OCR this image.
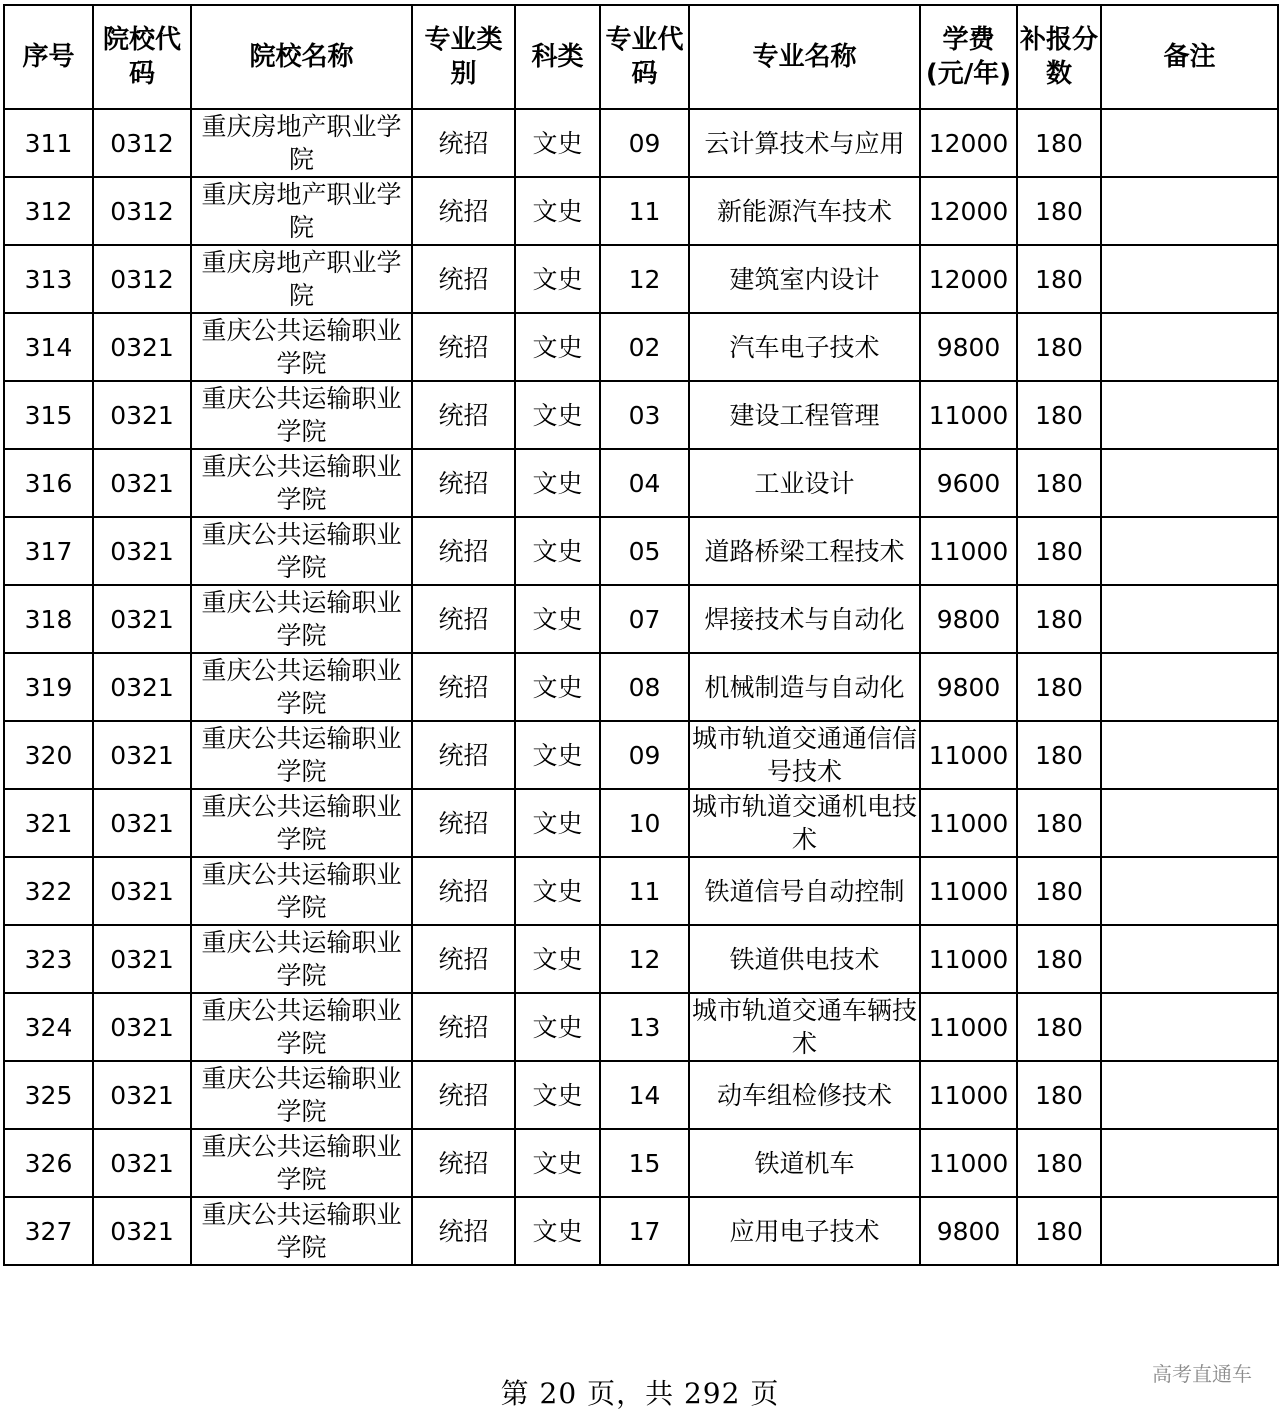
序号	院校代码	院校名称	专业类别	科类	专业代码	专业名称	学费(元/年)	补报分数	备注
311	0312	重庆房地产职业学院	统招	文史	09	云计算技术与应用	12000	180	
312	0312	重庆房地产职业学院	统招	文史	11	新能源汽车技术	12000	180	
313	0312	重庆房地产职业学院	统招	文史	12	建筑室内设计	12000	180	
314	0321	重庆公共运输职业学院	统招	文史	02	汽车电子技术	9800	180	
315	0321	重庆公共运输职业学院	统招	文史	03	建设工程管理	11000	180	
316	0321	重庆公共运输职业学院	统招	文史	04	工业设计	9600	180	
317	0321	重庆公共运输职业学院	统招	文史	05	道路桥梁工程技术	11000	180	
318	0321	重庆公共运输职业学院	统招	文史	07	焊接技术与自动化	9800	180	
319	0321	重庆公共运输职业学院	统招	文史	08	机械制造与自动化	9800	180	
320	0321	重庆公共运输职业学院	统招	文史	09	城市轨道交通通信信号技术	11000	180	
321	0321	重庆公共运输职业学院	统招	文史	10	城市轨道交通机电技术	11000	180	
322	0321	重庆公共运输职业学院	统招	文史	11	铁道信号自动控制	11000	180	
323	0321	重庆公共运输职业学院	统招	文史	12	铁道供电技术	11000	180	
324	0321	重庆公共运输职业学院	统招	文史	13	城市轨道交通车辆技术	11000	180	
325	0321	重庆公共运输职业学院	统招	文史	14	动车组检修技术	11000	180	
326	0321	重庆公共运输职业学院	统招	文史	15	铁道机车	11000	180	
327	0321	重庆公共运输职业学院	统招	文史	17	应用电子技术	9800	180	
第 20 页，共 292 页
高考直通车
